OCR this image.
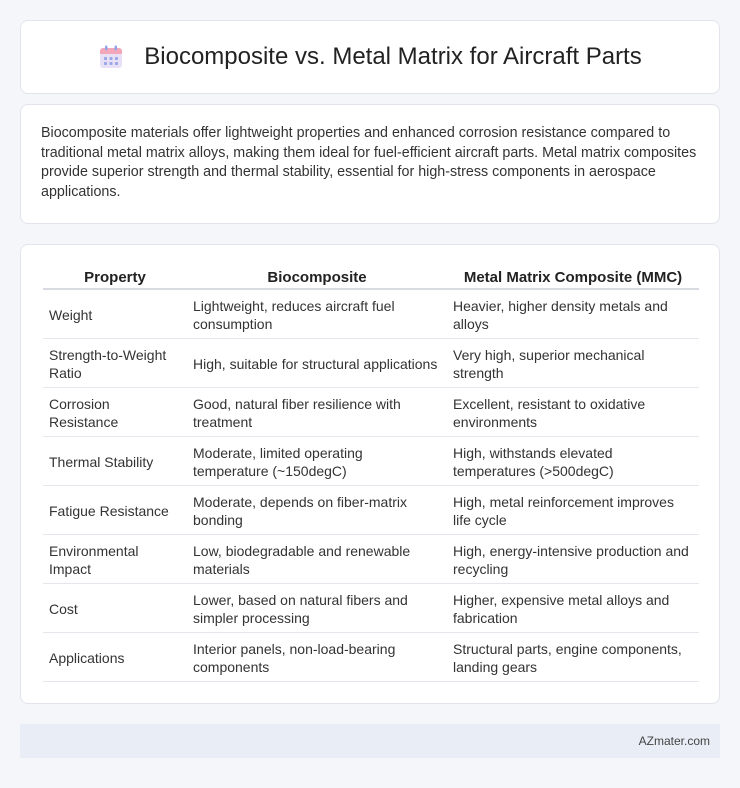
Biocomposite vs. Metal Matrix for Aircraft Parts

Biocomposite materials offer lightweight properties and enhanced corrosion resistance compared to traditional metal matrix alloys, making them ideal for fuel-efficient aircraft parts. Metal matrix composites provide superior strength and thermal stability, essential for high-stress components in aerospace applications.

Property	Biocomposite	Metal Matrix Composite (MMC)
Weight	Lightweight, reduces aircraft fuel consumption	Heavier, higher density metals and alloys
Strength-to-Weight Ratio	High, suitable for structural applications	Very high, superior mechanical strength
Corrosion Resistance	Good, natural fiber resilience with treatment	Excellent, resistant to oxidative environments
Thermal Stability	Moderate, limited operating temperature (~150degC)	High, withstands elevated temperatures (>500degC)
Fatigue Resistance	Moderate, depends on fiber-matrix bonding	High, metal reinforcement improves life cycle
Environmental Impact	Low, biodegradable and renewable materials	High, energy-intensive production and recycling
Cost	Lower, based on natural fibers and simpler processing	Higher, expensive metal alloys and fabrication
Applications	Interior panels, non-load-bearing components	Structural parts, engine components, landing gears
AZmater.com
